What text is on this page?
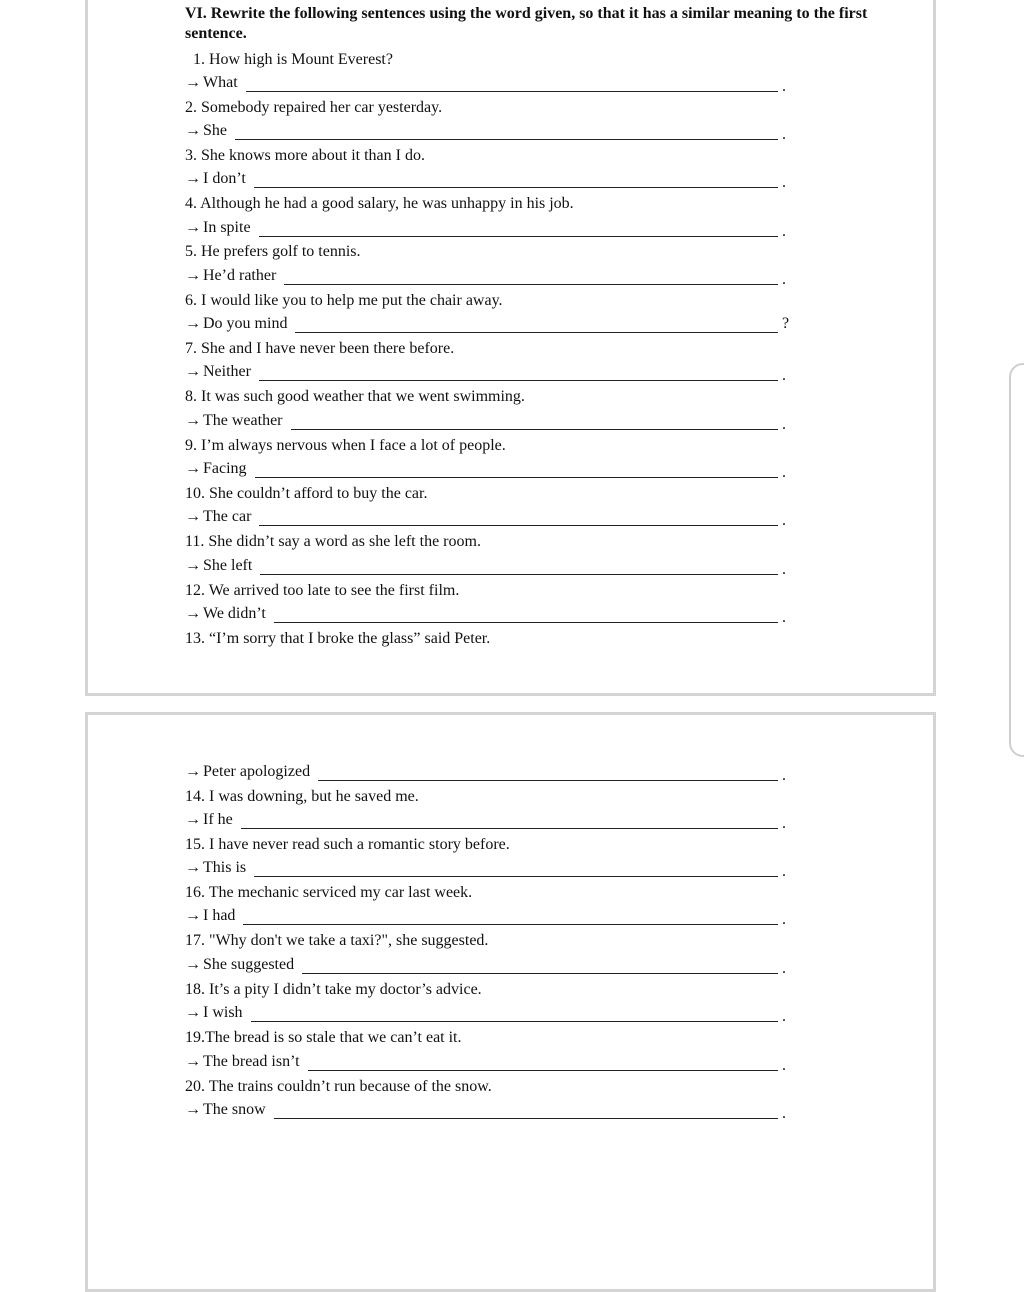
VI. Rewrite the following sentences using the word given, so that it has a similar meaning to the first sentence.

1. How high is Mount Everest?
→ What	.
2. Somebody repaired her car yesterday.
→ She	.
3. She knows more about it than I do.
→ I don’t	.
4. Although he had a good salary, he was unhappy in his job.
→ In spite	.
5. He prefers golf to tennis.
→ He’d rather	.
6. I would like you to help me put the chair away.
→ Do you mind	?
7. She and I have never been there before.
→ Neither	.
8. It was such good weather that we went swimming.
→ The weather	.
9. I’m always nervous when I face a lot of people.
→ Facing	.
10. She couldn’t afford to buy the car.
→ The car	.
11. She didn’t say a word as she left the room.
→ She left	.
12. We arrived too late to see the first film.
→ We didn’t	.
13. “I’m sorry that I broke the glass” said Peter.
→ Peter apologized	.
14. I was downing, but he saved me.
→ If he	.
15. I have never read such a romantic story before.
→ This is	.
16. The mechanic serviced my car last week.
→ I had	.
17. "Why don't we take a taxi?", she suggested.
→ She suggested	.
18. It’s a pity I didn’t take my doctor’s advice.
→ I wish	.
19.The bread is so stale that we can’t eat it.
→ The bread isn’t	.
20. The trains couldn’t run because of the snow.
→ The snow	.
